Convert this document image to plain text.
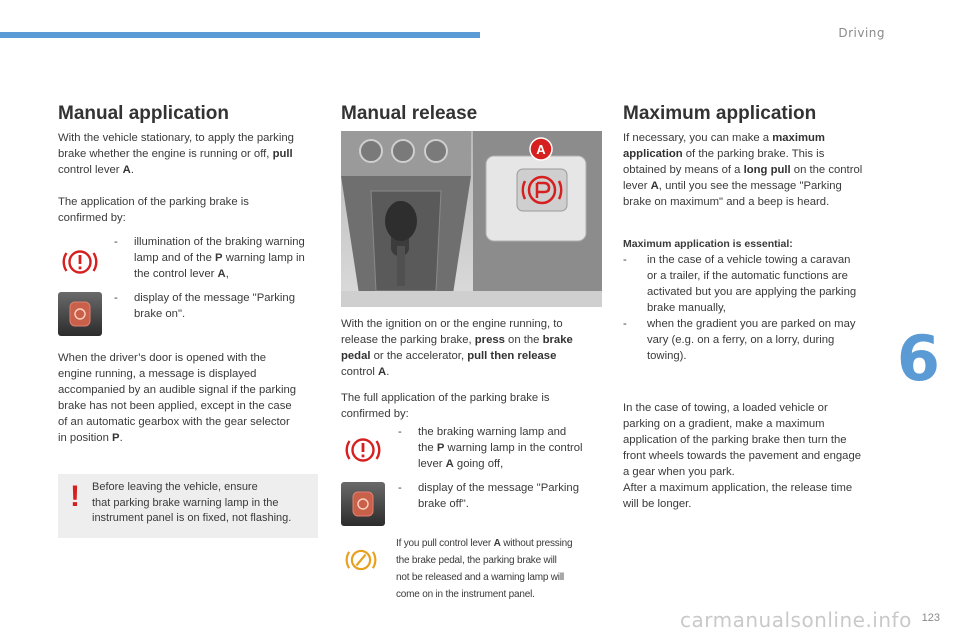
Driving
6
123
carmanualsonline.info
Manual application
With the vehicle stationary, to apply the parking
brake whether the engine is running or off, pull
control lever A.
The application of the parking brake is
confirmed by:
- illumination of the braking warning
lamp and of the P warning lamp in
the control lever A,
- display of the message "Parking
brake on".
When the driver’s door is opened with the
engine running, a message is displayed
accompanied by an audible signal if the parking
brake has not been applied, except in the case
of an automatic gearbox with the gear selector
in position P.
! Before leaving the vehicle, ensure
that parking brake warning lamp in the
instrument panel is on fixed, not flashing.
Manual release
A
With the ignition on or the engine running, to
release the parking brake, press on the brake
pedal or the accelerator, pull then release
control A.
The full application of the parking brake is
confirmed by:
- the braking warning lamp and
the P warning lamp in the control
lever A going off,
- display of the message "Parking
brake off".
If you pull control lever A without pressing
the brake pedal, the parking brake will
not be released and a warning lamp will
come on in the instrument panel.
Maximum application
If necessary, you can make a maximum
application of the parking brake. This is
obtained by means of a long pull on the control
lever A, until you see the message "Parking
brake on maximum" and a beep is heard.
Maximum application is essential:
- in the case of a vehicle towing a caravan
or a trailer, if the automatic functions are
activated but you are applying the parking
brake manually,
- when the gradient you are parked on may
vary (e.g. on a ferry, on a lorry, during
towing).
In the case of towing, a loaded vehicle or
parking on a gradient, make a maximum
application of the parking brake then turn the
front wheels towards the pavement and engage
a gear when you park.
After a maximum application, the release time
will be longer.
